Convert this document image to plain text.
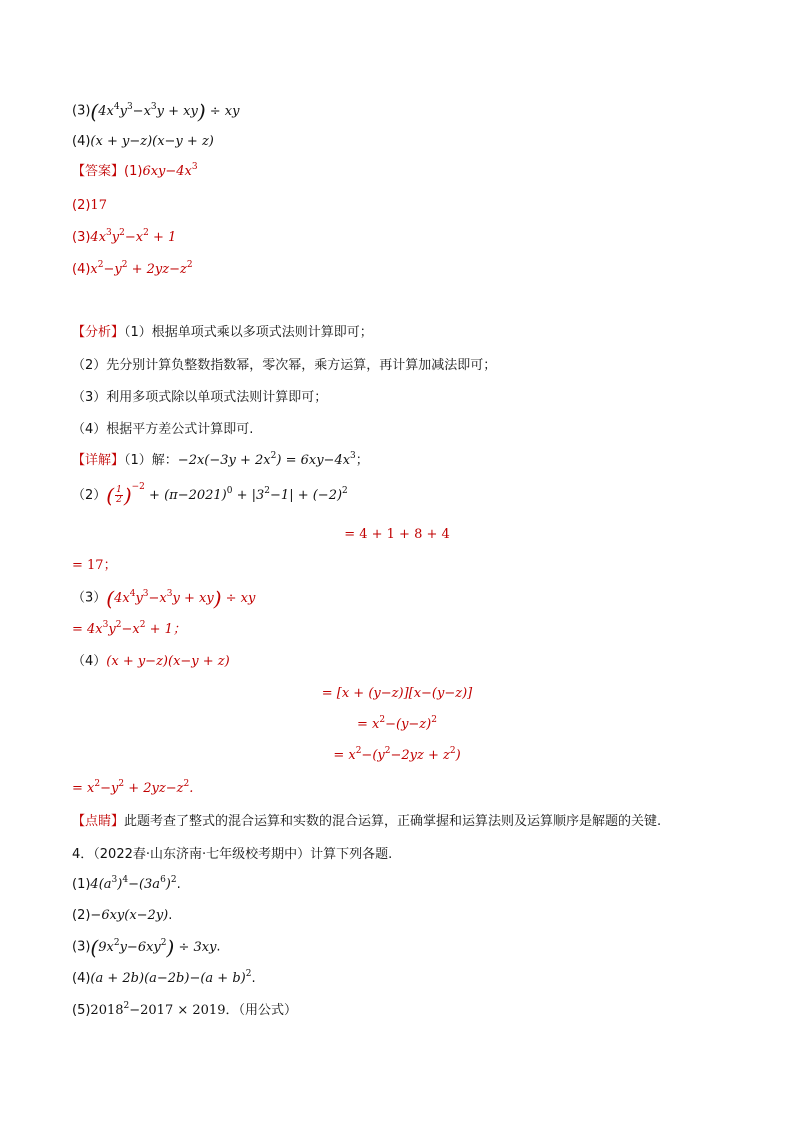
$(3)(4x^4y^3-x^3y + xy)$ ÷ xy
(4)(x + y−z)(x−y + z)
【答案】$(1)6xy-4x^3$
(2)17
$(3)4x^3y^2-x^2 + 1$
$(4)x^2-y^2 + 2yz-z^2$
【分析】（1）根据单项式乘以多项式法则计算即可；
（2）先分别计算负整数指数幂，零次幂，乘方运算，再计算加减法即可；
（3）利用多项式除以单项式法则计算即可；
（4）根据平方差公式计算即可.
【详解】（1）解：$-2x(-3y + 2x^2) = 6xy-4x^3$；
$(2)( \frac{1}{2} )^{-2} + (\pi-2021)^0 + |3^2-1| + (-2)^2$
= 4 + 1 + 8 + 4
= 17；
$(3)(4x^4y^3-x^3y + xy)$ ÷ xy
= $4x^3y^2-x^2 + 1$；
（4）(x + y−z)(x−y + z)
= [x + (y−z)][x−(y−z)]
= $x^2-(y-z)^2$
= $x^2-(y^2-2yz + z^2)$
= $x^2-y^2 + 2yz-z^2$.
【点睛】此题考查了整式的混合运算和实数的混合运算，正确掌握和运算法则及运算顺序是解题的关键.
4．（2022春·山东济南·七年级校考期中）计算下列各题.
$(1)4(a^3)^4-(3a^6)^2$.
(2)−6xy(x−2y).
$(3)(9x^2y-6xy^2) \div 3xy$.
$(4)(a + 2b)(a-2b)-(a + b)^2$.
$(5)2018^2-2017 \times 2019$．（用公式）
